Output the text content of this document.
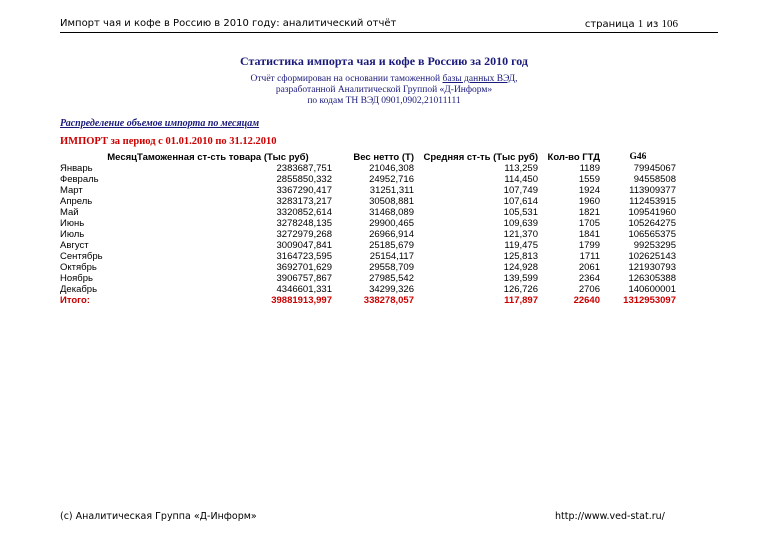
Импорт чая и кофе в Россию в 2010 году: аналитический отчёт	страница 1 из 106
Статистика импорта чая и кофе в Россию за 2010 год
Отчёт сформирован на основании таможенной базы данных ВЭД,
разработанной Аналитической Группой «Д-Информ»
по кодам ТН ВЭД 0901,0902,21011111
Распределение объемов импорта по месяцам
ИМПОРТ за период с 01.01.2010 по 31.12.2010
Месяц	Таможенная ст-сть товара (Тыс руб)	Вес нетто (Т)	Средняя ст-ть (Тыс руб)	Кол-во ГТД	G46
Январь	2383687,751	21046,308	113,259	1189	79945067
Февраль	2855850,332	24952,716	114,450	1559	94558508
Март	3367290,417	31251,311	107,749	1924	113909377
Апрель	3283173,217	30508,881	107,614	1960	112453915
Май	3320852,614	31468,089	105,531	1821	109541960
Июнь	3278248,135	29900,465	109,639	1705	105264275
Июль	3272979,268	26966,914	121,370	1841	106565375
Август	3009047,841	25185,679	119,475	1799	99253295
Сентябрь	3164723,595	25154,117	125,813	1711	102625143
Октябрь	3692701,629	29558,709	124,928	2061	121930793
Ноябрь	3906757,867	27985,542	139,599	2364	126305388
Декабрь	4346601,331	34299,326	126,726	2706	140600001
Итого:	39881913,997	338278,057	117,897	22640	1312953097
(c) Аналитическая Группа «Д-Информ»	http://www.ved-stat.ru/
